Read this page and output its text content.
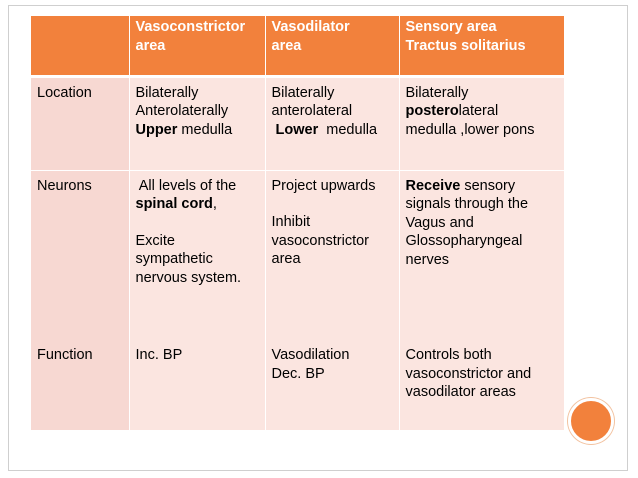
	Vasoconstrictor
area	Vasodilator
area	Sensory area
Tractus solitarius

Location	Bilaterally
Anterolaterally
Upper medulla	Bilaterally
anterolateral
Lower  medulla	Bilaterally
posterolateral
medulla ,lower pons

Neurons	All levels of the
spinal cord,
Excite
sympathetic
nervous system.	Project upwards
Inhibit
vasoconstrictor
area	Receive sensory
signals through the
Vagus and
Glossopharyngeal
nerves

Function	Inc. BP	Vasodilation
Dec. BP	Controls both
vasoconstrictor and
vasodilator areas
